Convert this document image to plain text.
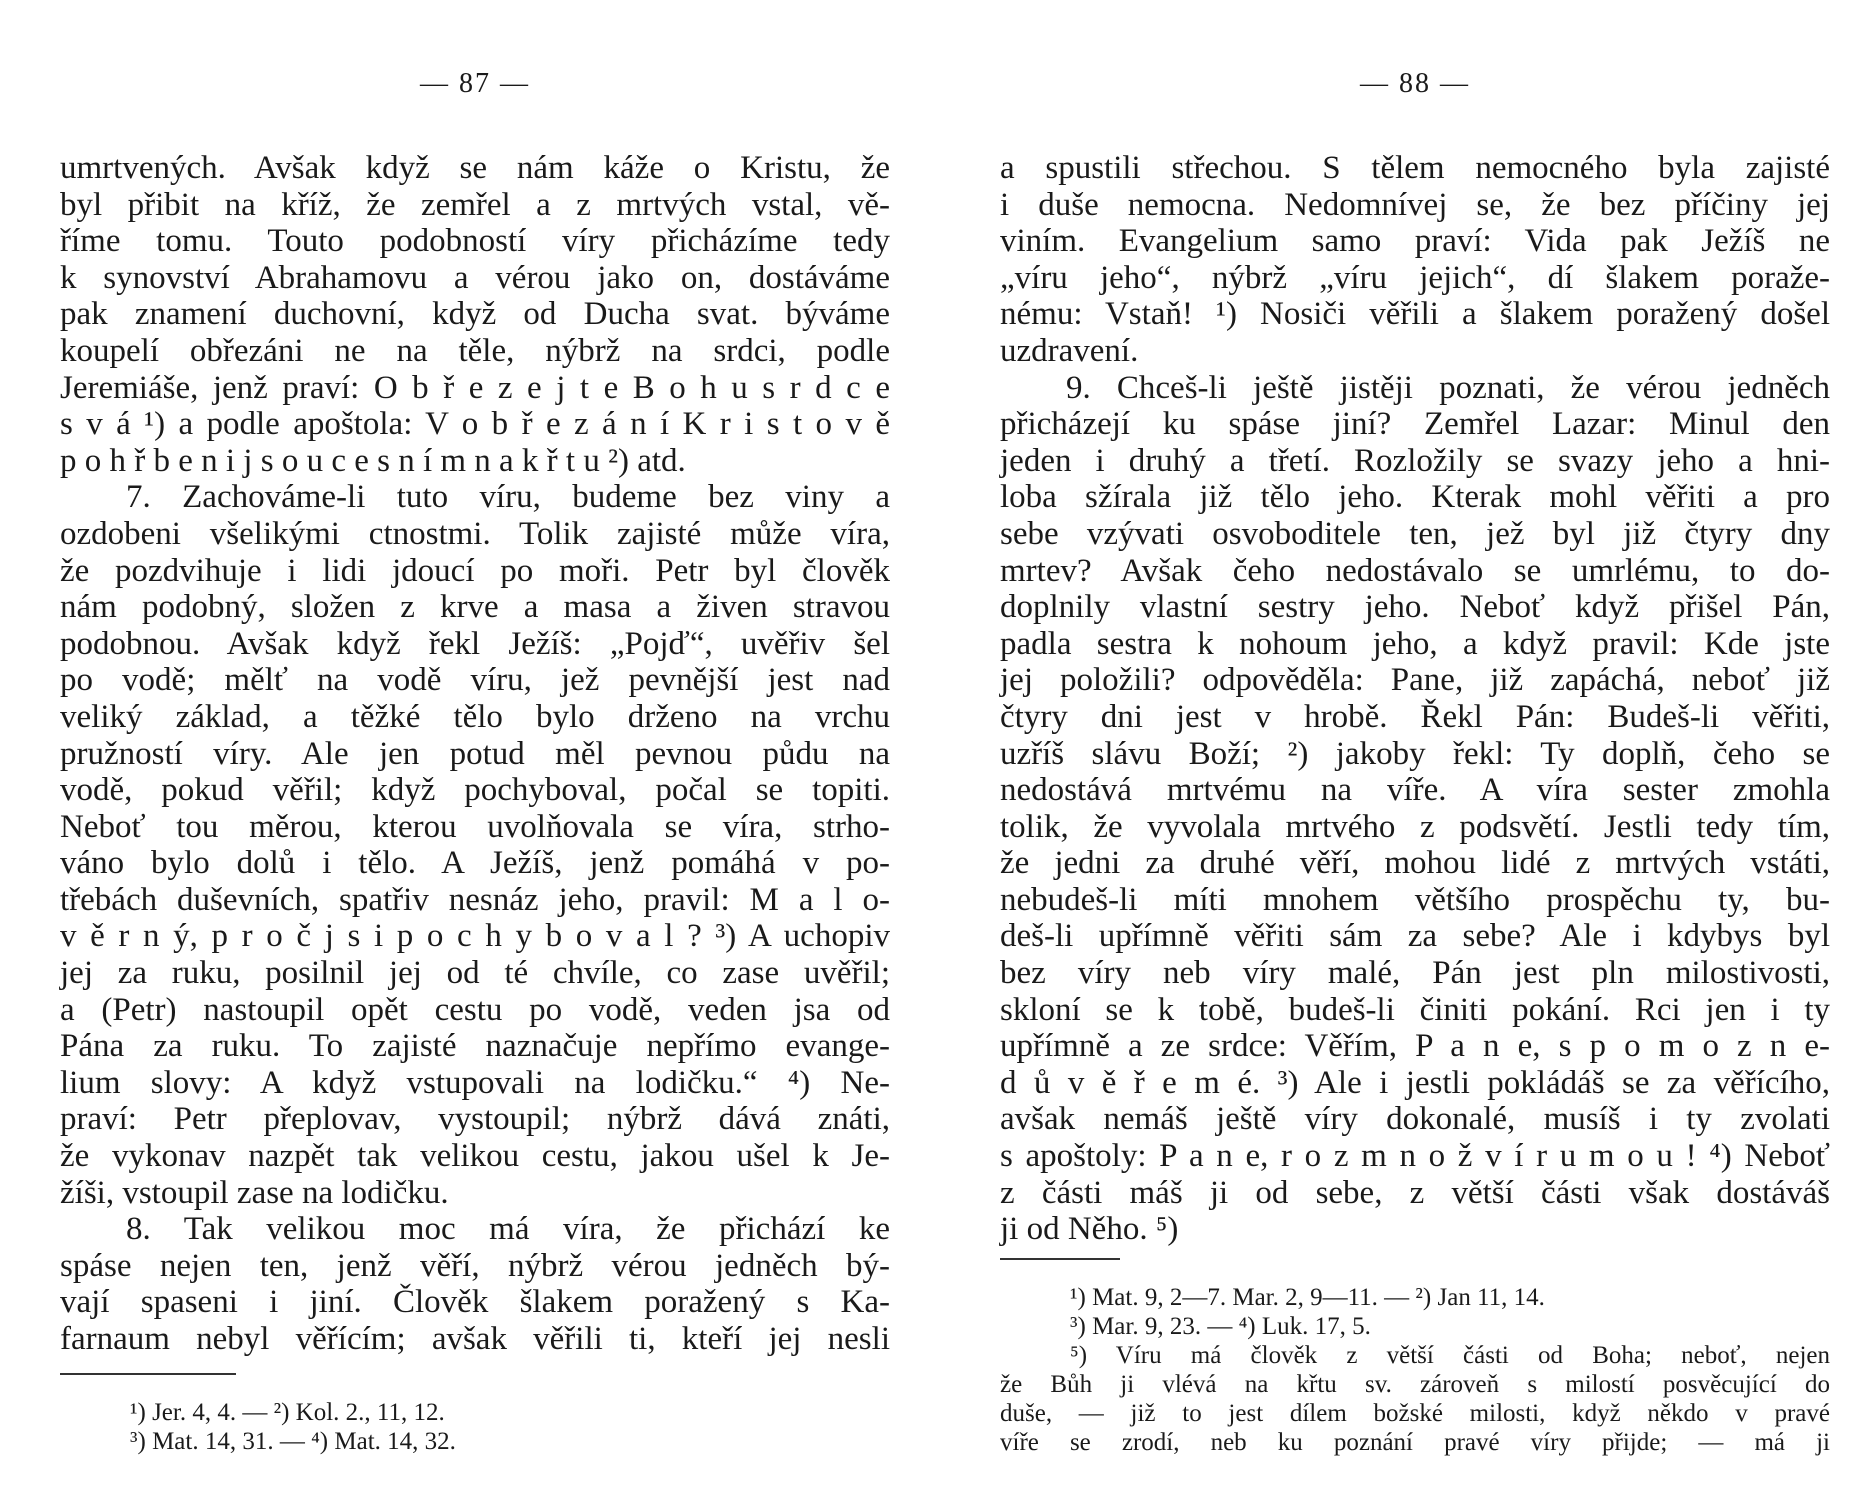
— 87 —
umrtvených. Avšak když se nám káže o Kristu, že
byl přibit na kříž, že zemřel a z mrtvých vstal, vě-
říme tomu. Touto podobností víry přicházíme tedy
k synovství Abrahamovu a vérou jako on, dostáváme
pak znamení duchovní, když od Ducha svat. býváme
koupelí obřezáni ne na těle, nýbrž na srdci, podle
Jeremiáše, jenž praví: O b ř e z e j t e B o h u s r d c e
s v á ¹) a podle apoštola: V o b ř e z á n í K r i s t o v ě
p o h ř b e n i j s o u c e s n í m n a k ř t u ²) atd.
7. Zachováme-li tuto víru, budeme bez viny a
ozdobeni všelikými ctnostmi. Tolik zajisté může víra,
že pozdvihuje i lidi jdoucí po moři. Petr byl člověk
nám podobný, složen z krve a masa a živen stravou
podobnou. Avšak když řekl Ježíš: „Pojď“, uvěřiv šel
po vodě; mělť na vodě víru, jež pevnější jest nad
veliký základ, a těžké tělo bylo drženo na vrchu
pružností víry. Ale jen potud měl pevnou půdu na
vodě, pokud věřil; když pochyboval, počal se topiti.
Neboť tou měrou, kterou uvolňovala se víra, strho-
váno bylo dolů i tělo. A Ježíš, jenž pomáhá v po-
třebách duševních, spatřiv nesnáz jeho, pravil: M a l o-
v ě r n ý, p r o č j s i p o c h y b o v a l ? ³) A uchopiv
jej za ruku, posilnil jej od té chvíle, co zase uvěřil;
a (Petr) nastoupil opět cestu po vodě, veden jsa od
Pána za ruku. To zajisté naznačuje nepřímo evange-
lium slovy: A když vstupovali na lodičku.“ ⁴) Ne-
praví: Petr přeplovav, vystoupil; nýbrž dává znáti,
že vykonav nazpět tak velikou cestu, jakou ušel k Je-
žíši, vstoupil zase na lodičku.
8. Tak velikou moc má víra, že přichází ke
spáse nejen ten, jenž věří, nýbrž vérou jedněch bý-
vají spaseni i jiní. Člověk šlakem poražený s Ka-
farnaum nebyl věřícím; avšak věřili ti, kteří jej nesli
¹) Jer. 4, 4. — ²) Kol. 2., 11, 12.
³) Mat. 14, 31. — ⁴) Mat. 14, 32.
— 88 —
a spustili střechou. S tělem nemocného byla zajisté
i duše nemocna. Nedomnívej se, že bez příčiny jej
viním. Evangelium samo praví: Vida pak Ježíš ne
„víru jeho“, nýbrž „víru jejich“, dí šlakem poraže-
nému: Vstaň! ¹) Nosiči věřili a šlakem poražený došel
uzdravení.
9. Chceš-li ještě jistěji poznati, že vérou jedněch
přicházejí ku spáse jiní? Zemřel Lazar: Minul den
jeden i druhý a třetí. Rozložily se svazy jeho a hni-
loba sžírala již tělo jeho. Kterak mohl věřiti a pro
sebe vzývati osvoboditele ten, jež byl již čtyry dny
mrtev? Avšak čeho nedostávalo se umrlému, to do-
doplnily vlastní sestry jeho. Neboť když přišel Pán,
padla sestra k nohoum jeho, a když pravil: Kde jste
jej položili? odpověděla: Pane, již zapáchá, neboť již
čtyry dni jest v hrobě. Řekl Pán: Budeš-li věřiti,
uzříš slávu Boží; ²) jakoby řekl: Ty doplň, čeho se
nedostává mrtvému na víře. A víra sester zmohla
tolik, že vyvolala mrtvého z podsvětí. Jestli tedy tím,
že jedni za druhé věří, mohou lidé z mrtvých vstáti,
nebudeš-li míti mnohem většího prospěchu ty, bu-
deš-li upřímně věřiti sám za sebe? Ale i kdybys byl
bez víry neb víry malé, Pán jest pln milostivosti,
skloní se k tobě, budeš-li činiti pokání. Rci jen i ty
upřímně a ze srdce: Věřím, P a n e, s p o m o z n e-
d ů v ě ř e m é. ³) Ale i jestli pokládáš se za věřícího,
avšak nemáš ještě víry dokonalé, musíš i ty zvolati
s apoštoly: P a n e, r o z m n o ž v í r u m o u ! ⁴) Neboť
z části máš ji od sebe, z větší části však dostáváš
ji od Něho. ⁵)
¹) Mat. 9, 2—7. Mar. 2, 9—11. — ²) Jan 11, 14.
³) Mar. 9, 23. — ⁴) Luk. 17, 5.
⁵) Víru má člověk z větší části od Boha; neboť, nejen
že Bůh ji vlévá na křtu sv. zároveň s milostí posvěcující do
duše, — již to jest dílem božské milosti, když někdo v pravé
víře se zrodí, neb ku poznání pravé víry přijde; — má ji
